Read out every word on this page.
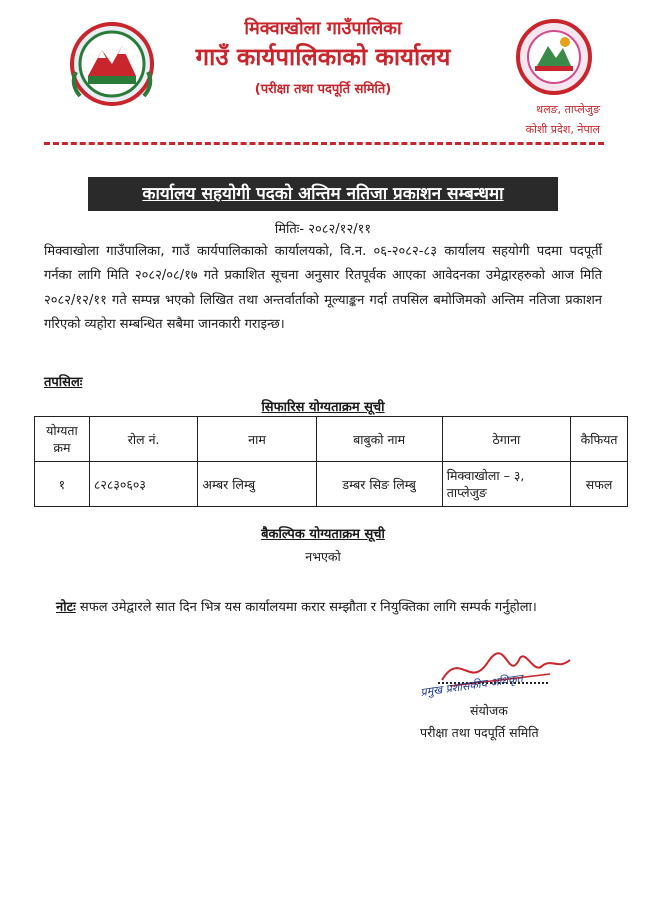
मिक्वाखोला गाउँपालिका
गाउँ कार्यपालिकाको कार्यालय
(परीक्षा तथा पदपूर्ति समिति)
थलङ, ताप्लेजुङ
कोशी प्रदेश, नेपाल
कार्यालय सहयोगी पदको अन्तिम नतिजा प्रकाशन सम्बन्धमा
मितिः- २०८२/१२/११
मिक्वाखोला गाउँपालिका, गाउँ कार्यपालिकाको कार्यालयको, वि.न. ०६-२०८२-८३ कार्यालय सहयोगी पदमा पदपूर्ती गर्नका लागि मिति २०८२/०८/१७ गते प्रकाशित सूचना अनुसार रितपूर्वक आएका आवेदनका उमेद्वारहरुको आज मिति २०८२/१२/११ गते सम्पन्न भएको लिखित तथा अन्तर्वार्ताको मूल्याङ्कन गर्दा तपसिल बमोजिमको अन्तिम नतिजा प्रकाशन गरिएको व्यहोरा सम्बन्धित सबैमा जानकारी गराइन्छ।
तपसिलः
सिफारिस योग्यताक्रम सूची
योग्यता क्रम	रोल नं.	नाम	बाबुको नाम	ठेगाना	कैफियत
१	८२८३०६०३	अम्बर लिम्बु	डम्बर सिङ लिम्बु	मिक्वाखोला – ३, ताप्लेजुङ	सफल
बैकल्पिक योग्यताक्रम सूची
नभएको
नोटः सफल उमेद्वारले सात दिन भित्र यस कार्यालयमा करार सम्झौता र नियुक्तिका लागि सम्पर्क गर्नुहोला।
प्रमुख प्रशासकीय अधिकृत
संयोजक
परीक्षा तथा पदपूर्ति समिति
